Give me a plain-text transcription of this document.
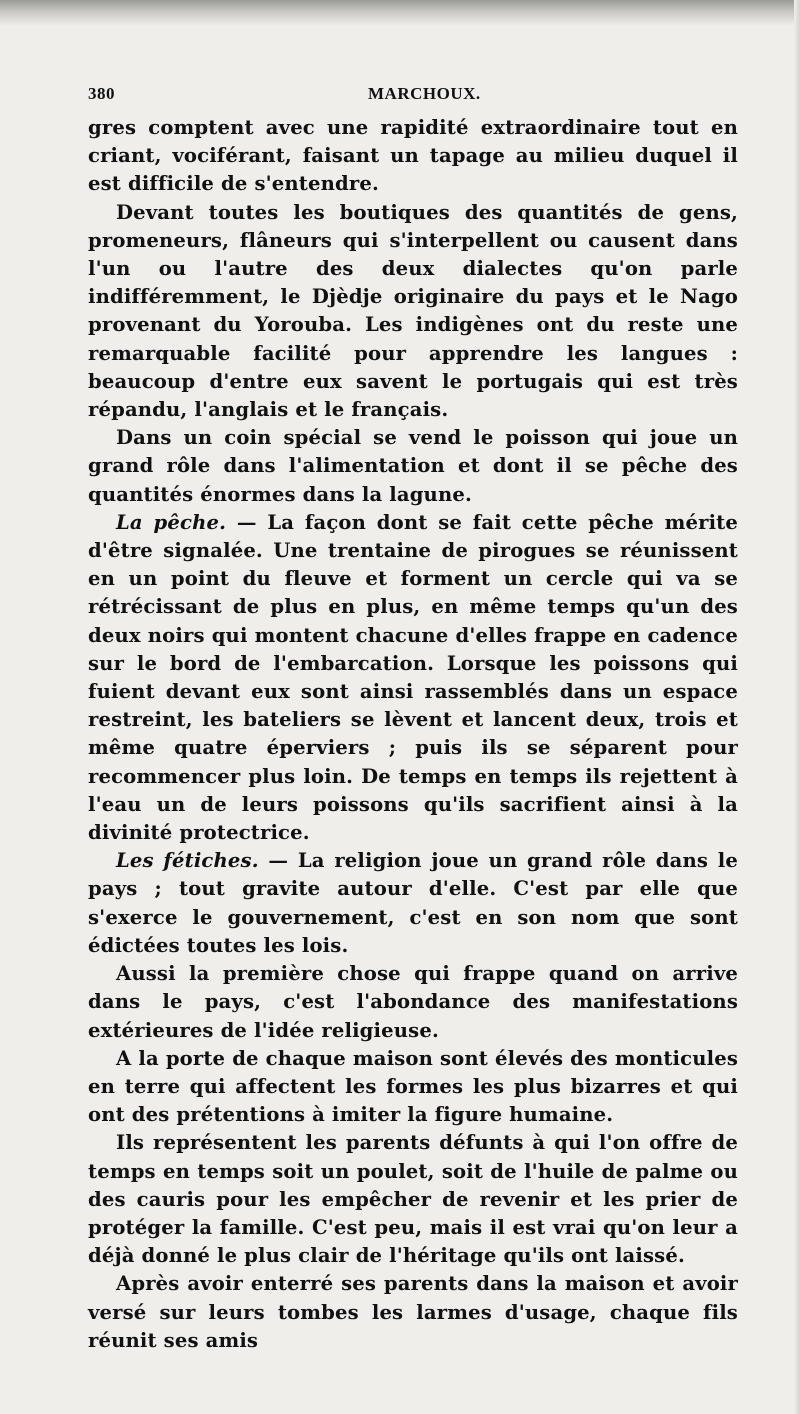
380	MARCHOUX.

gres comptent avec une rapidité extraordinaire tout en criant, vociférant, faisant un tapage au milieu duquel il est difficile de s'entendre.

Devant toutes les boutiques des quantités de gens, promeneurs, flâneurs qui s'interpellent ou causent dans l'un ou l'autre des deux dialectes qu'on parle indifféremment, le Djèdje originaire du pays et le Nago provenant du Yorouba. Les indigènes ont du reste une remarquable facilité pour apprendre les langues : beaucoup d'entre eux savent le portugais qui est très répandu, l'anglais et le français.

Dans un coin spécial se vend le poisson qui joue un grand rôle dans l'alimentation et dont il se pêche des quantités énormes dans la lagune.

La pêche. — La façon dont se fait cette pêche mérite d'être signalée. Une trentaine de pirogues se réunissent en un point du fleuve et forment un cercle qui va se rétrécissant de plus en plus, en même temps qu'un des deux noirs qui montent chacune d'elles frappe en cadence sur le bord de l'embarcation. Lorsque les poissons qui fuient devant eux sont ainsi rassemblés dans un espace restreint, les bateliers se lèvent et lancent deux, trois et même quatre éperviers ; puis ils se séparent pour recommencer plus loin. De temps en temps ils rejettent à l'eau un de leurs poissons qu'ils sacrifient ainsi à la divinité protectrice.

Les fétiches. — La religion joue un grand rôle dans le pays ; tout gravite autour d'elle. C'est par elle que s'exerce le gouvernement, c'est en son nom que sont édictées toutes les lois.

Aussi la première chose qui frappe quand on arrive dans le pays, c'est l'abondance des manifestations extérieures de l'idée religieuse.

A la porte de chaque maison sont élevés des monticules en terre qui affectent les formes les plus bizarres et qui ont des prétentions à imiter la figure humaine.

Ils représentent les parents défunts à qui l'on offre de temps en temps soit un poulet, soit de l'huile de palme ou des cauris pour les empêcher de revenir et les prier de protéger la famille. C'est peu, mais il est vrai qu'on leur a déjà donné le plus clair de l'héritage qu'ils ont laissé.

Après avoir enterré ses parents dans la maison et avoir versé sur leurs tombes les larmes d'usage, chaque fils réunit ses amis
